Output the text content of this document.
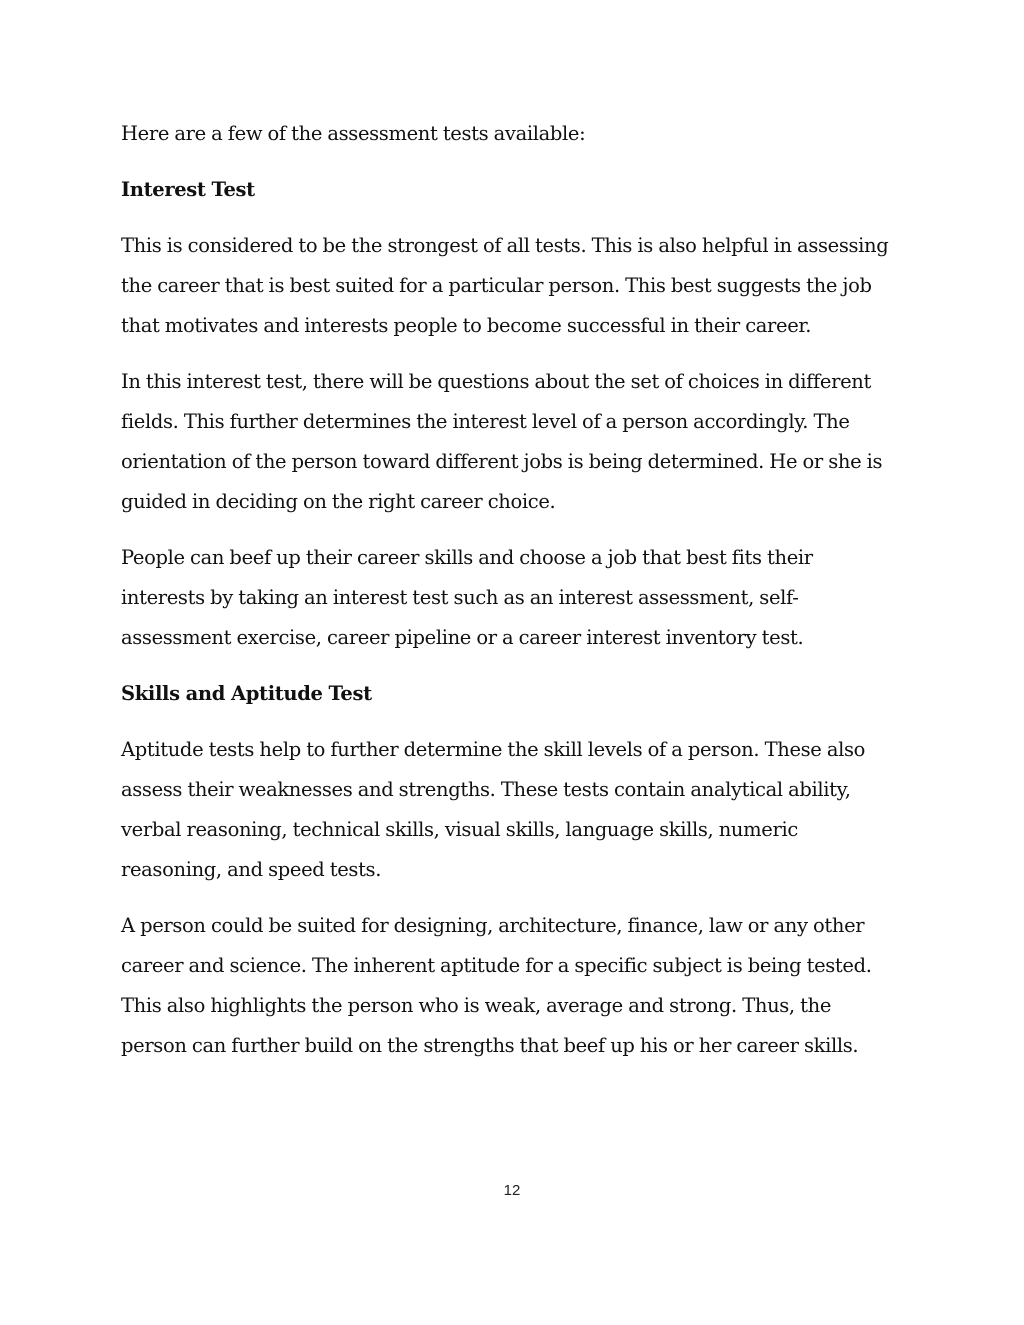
Here are a few of the assessment tests available:

Interest Test

This is considered to be the strongest of all tests. This is also helpful in assessing the career that is best suited for a particular person. This best suggests the job that motivates and interests people to become successful in their career.

In this interest test, there will be questions about the set of choices in different fields. This further determines the interest level of a person accordingly. The orientation of the person toward different jobs is being determined. He or she is guided in deciding on the right career choice.

People can beef up their career skills and choose a job that best fits their interests by taking an interest test such as an interest assessment, self-assessment exercise, career pipeline or a career interest inventory test.

Skills and Aptitude Test

Aptitude tests help to further determine the skill levels of a person. These also assess their weaknesses and strengths. These tests contain analytical ability, verbal reasoning, technical skills, visual skills, language skills, numeric reasoning, and speed tests.

A person could be suited for designing, architecture, finance, law or any other career and science. The inherent aptitude for a specific subject is being tested. This also highlights the person who is weak, average and strong. Thus, the person can further build on the strengths that beef up his or her career skills.

12
